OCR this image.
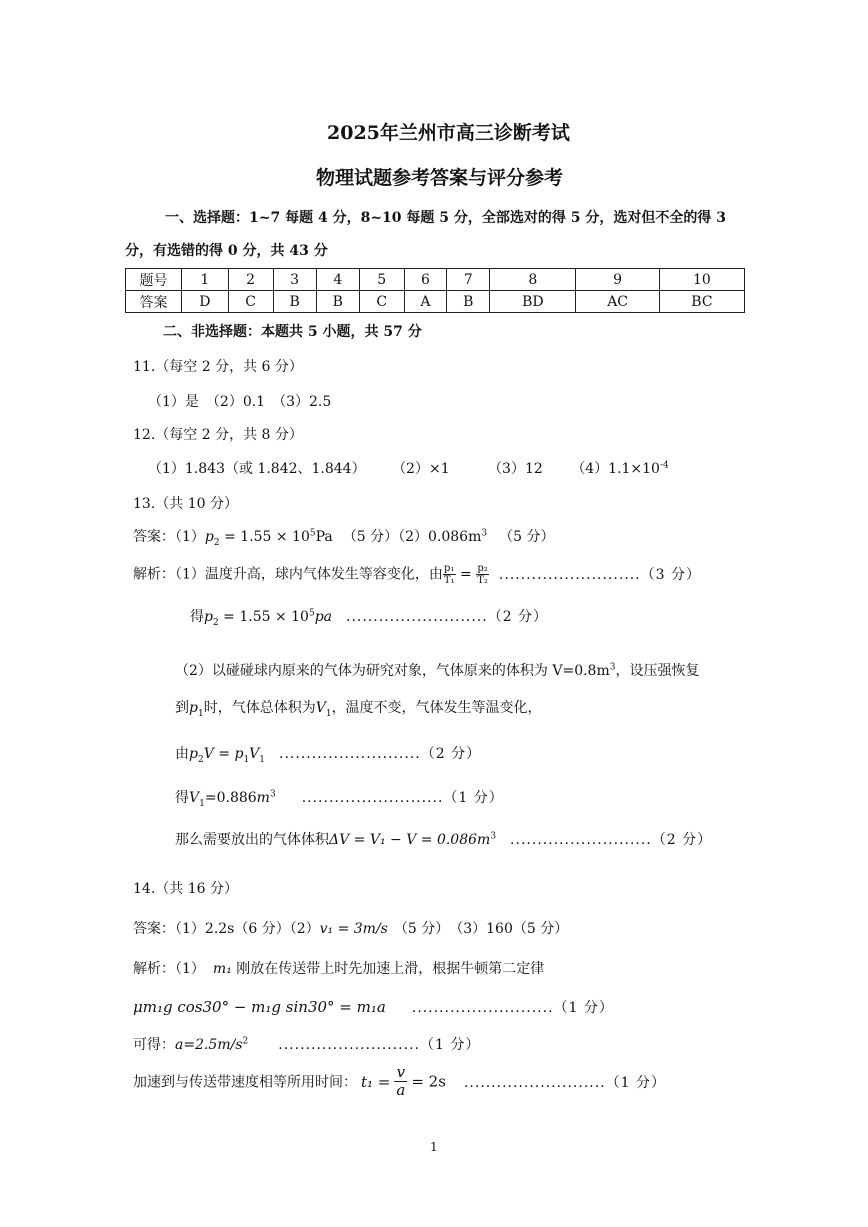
2025年兰州市高三诊断考试
物理试题参考答案与评分参考
一、选择题：1~7 每题 4 分，8~10 每题 5 分，全部选对的得 5 分，选对但不全的得 3
分，有选错的得 0 分，共 43 分
题号	1	2	3	4	5	6	7	8	9	10
答案	D	C	B	B	C	A	B	BD	AC	BC
二、非选择题：本题共 5 小题，共 57 分
11.（每空 2 分，共 6 分）
（1）是　（2）0.1　（3）2.5
12.（每空 2 分，共 8 分）
（1）1.843（或 1.842、1.844） （2）×1	（3）12 $(4)1.1\times 10^{-4}$
13.（共 10 分）
答案：$(1)p_2 = 1.55 \times 10^5Pa$ （5 分）$(2)0.086m^3$ （5 分）
解析：（1）温度升高，球内气体发生等容变化，由 $\frac{\text{p₁}}{\text{T₁}} = \frac{\text{p₂}}{\text{T₂}} ..........................(3$ 分）
得$p_2 = 1.55 \times 10^5pa$ ..........................（2 分）
（2）以碰碰球内原来的气体为研究对象，气体原来的体积为 $V=0.8m^3$，设压强恢复
到$p_1$时，气体总体积为$V_1$，温度不变，气体发生等温变化，
由$p_2V = p_1V_1$ ..........................（2 分）
得$V_1=0.886m^3$ ..........................（1 分）
那么需要放出的气体体积$\Delta V = V_1 - V = 0.086m^3$ ..........................（2 分）
14.（共 16 分）
答案：（1）2.2s（6 分）（2）v₁ = 3m/s （5 分）　（3）160（5 分）
解析：（1） m₁ 刚放在传送带上时先加速上滑，根据牛顿第二定律
μm₁g cos30° − m₁g sin30° = m₁a ..........................（1 分）
可得：$a=2.5m/s^2$ ..........................（1 分）
加速到与传送带速度相等所用时间： $t_1 = \frac{v}{a} = 2s$ ..........................（1 分）
1
